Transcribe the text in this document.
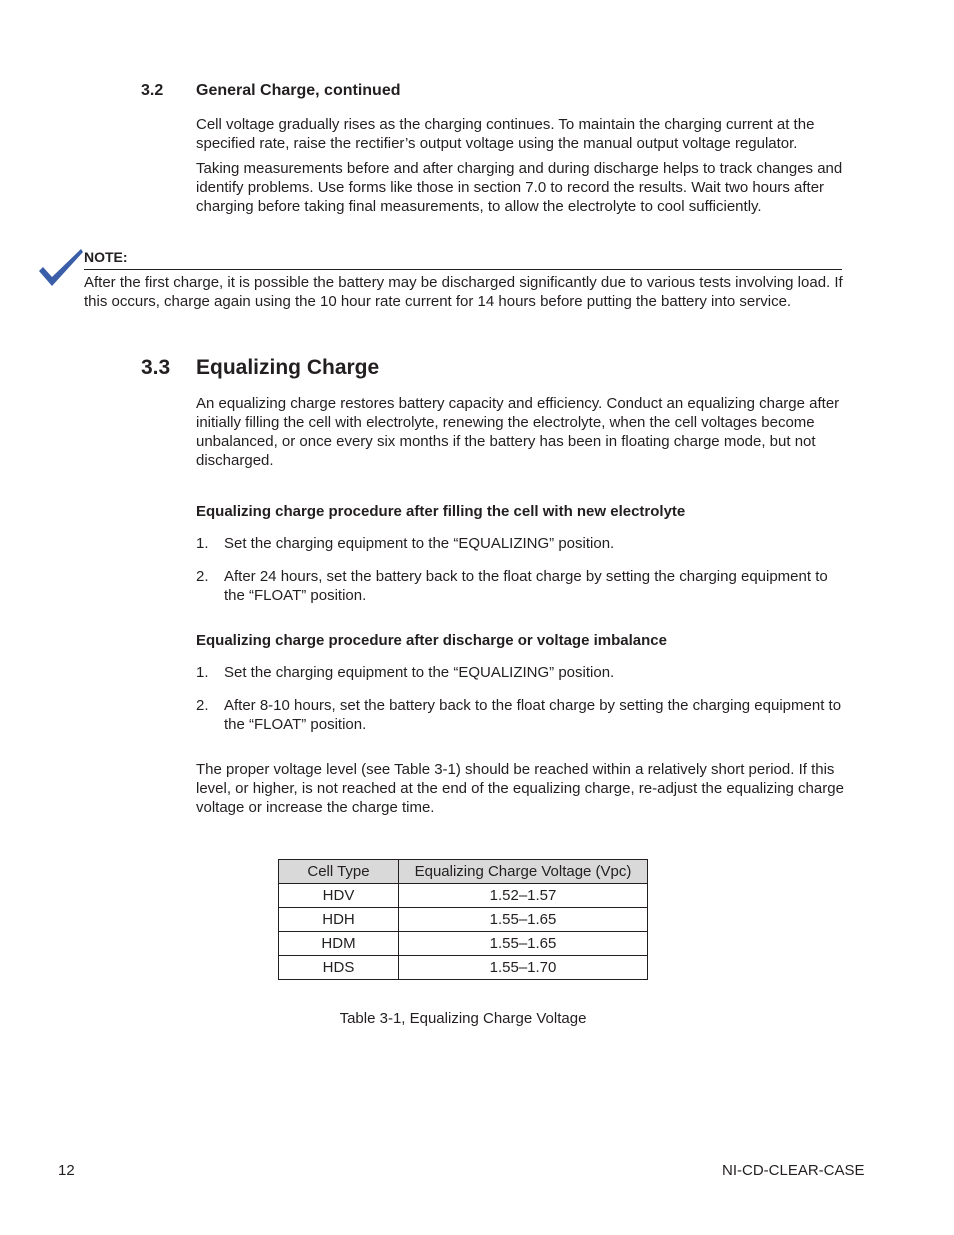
3.2 General Charge, continued

Cell voltage gradually rises as the charging continues. To maintain the charging current at the specified rate, raise the rectifier’s output voltage using the manual output voltage regulator.

Taking measurements before and after charging and during discharge helps to track changes and identify problems. Use forms like those in section 7.0 to record the results. Wait two hours after charging before taking final measurements, to allow the electrolyte to cool sufficiently.

NOTE:
After the first charge, it is possible the battery may be discharged significantly due to various tests involving load. If this occurs, charge again using the 10 hour rate current for 14 hours before putting the battery into service.
3.3 Equalizing Charge

An equalizing charge restores battery capacity and efficiency. Conduct an equalizing charge after initially filling the cell with electrolyte, renewing the electrolyte, when the cell voltages become unbalanced, or once every six months if the battery has been in floating charge mode, but not discharged.

Equalizing charge procedure after filling the cell with new electrolyte
1. Set the charging equipment to the “EQUALIZING” position.
2. After 24 hours, set the battery back to the float charge by setting the charging equipment to the “FLOAT” position.
Equalizing charge procedure after discharge or voltage imbalance
1. Set the charging equipment to the “EQUALIZING” position.
2. After 8-10 hours, set the battery back to the float charge by setting the charging equipment to the “FLOAT” position.

The proper voltage level (see Table 3-1) should be reached within a relatively short period. If this level, or higher, is not reached at the end of the equalizing charge, re-adjust the equalizing charge voltage or increase the charge time.

Cell Type	Equalizing Charge Voltage (Vpc)
HDV	1.52–1.57
HDH	1.55–1.65
HDM	1.55–1.65
HDS	1.55–1.70
Table 3-1, Equalizing Charge Voltage
12	NI-CD-CLEAR-CASE
